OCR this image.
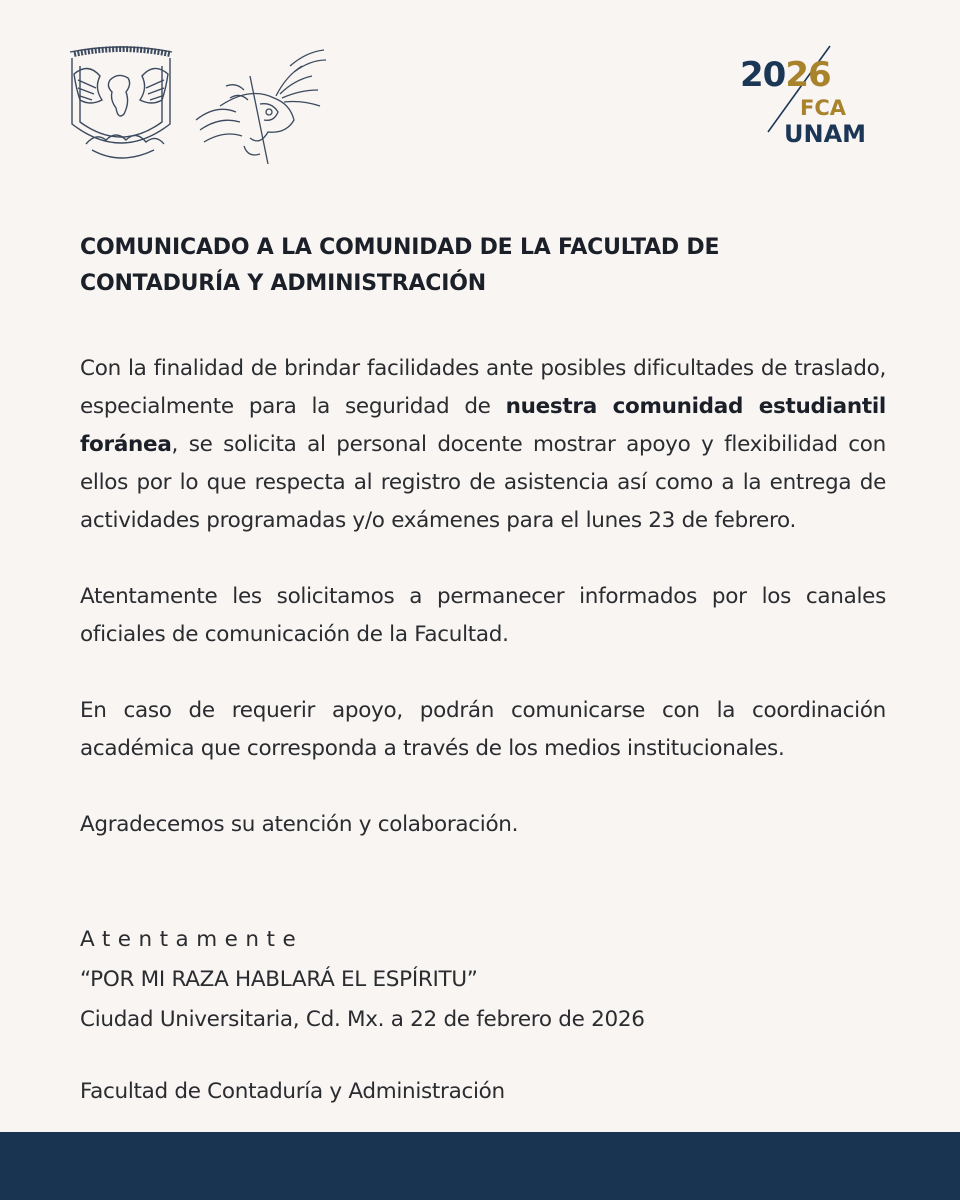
2026
FCA
UNAM
COMUNICADO A LA COMUNIDAD DE LA FACULTAD DE CONTADURÍA Y ADMINISTRACIÓN

Con la finalidad de brindar facilidades ante posibles dificultades de traslado, especialmente para la seguridad de nuestra comunidad estudiantil foránea, se solicita al personal docente mostrar apoyo y flexibilidad con ellos por lo que respecta al registro de asistencia así como a la entrega de actividades programadas y/o exámenes para el lunes 23 de febrero.

Atentamente les solicitamos a permanecer informados por los canales oficiales de comunicación de la Facultad.

En caso de requerir apoyo, podrán comunicarse con la coordinación académica que corresponda a través de los medios institucionales.

Agradecemos su atención y colaboración.

Atentamente
“POR MI RAZA HABLARÁ EL ESPÍRITU”
Ciudad Universitaria, Cd. Mx. a 22 de febrero de 2026
Facultad de Contaduría y Administración
